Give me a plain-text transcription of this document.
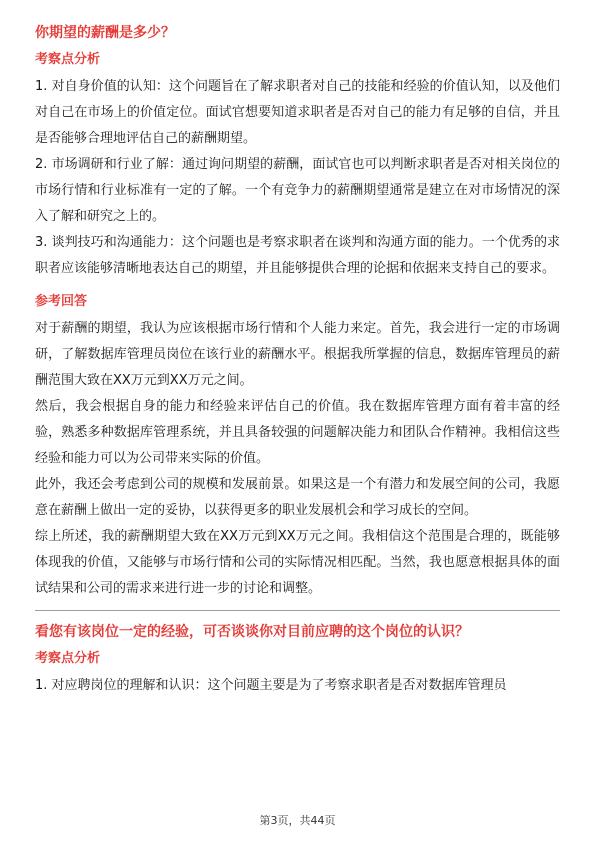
你期望的薪酬是多少？
考察点分析

1. 对自身价值的认知：这个问题旨在了解求职者对自己的技能和经验的价值认知，以及他们对自己在市场上的价值定位。面试官想要知道求职者是否对自己的能力有足够的自信，并且是否能够合理地评估自己的薪酬期望。

2. 市场调研和行业了解：通过询问期望的薪酬，面试官也可以判断求职者是否对相关岗位的市场行情和行业标准有一定的了解。一个有竞争力的薪酬期望通常是建立在对市场情况的深入了解和研究之上的。

3. 谈判技巧和沟通能力：这个问题也是考察求职者在谈判和沟通方面的能力。一个优秀的求职者应该能够清晰地表达自己的期望，并且能够提供合理的论据和依据来支持自己的要求。

参考回答

对于薪酬的期望，我认为应该根据市场行情和个人能力来定。首先，我会进行一定的市场调研，了解数据库管理员岗位在该行业的薪酬水平。根据我所掌握的信息，数据库管理员的薪酬范围大致在XX万元到XX万元之间。

然后，我会根据自身的能力和经验来评估自己的价值。我在数据库管理方面有着丰富的经验，熟悉多种数据库管理系统，并且具备较强的问题解决能力和团队合作精神。我相信这些经验和能力可以为公司带来实际的价值。

此外，我还会考虑到公司的规模和发展前景。如果这是一个有潜力和发展空间的公司，我愿意在薪酬上做出一定的妥协，以获得更多的职业发展机会和学习成长的空间。

综上所述，我的薪酬期望大致在XX万元到XX万元之间。我相信这个范围是合理的，既能够体现我的价值，又能够与市场行情和公司的实际情况相匹配。当然，我也愿意根据具体的面试结果和公司的需求来进行进一步的讨论和调整。

看您有该岗位一定的经验，可否谈谈你对目前应聘的这个岗位的认识？
考察点分析

1. 对应聘岗位的理解和认识：这个问题主要是为了考察求职者是否对数据库管理员

第3页，共44页
